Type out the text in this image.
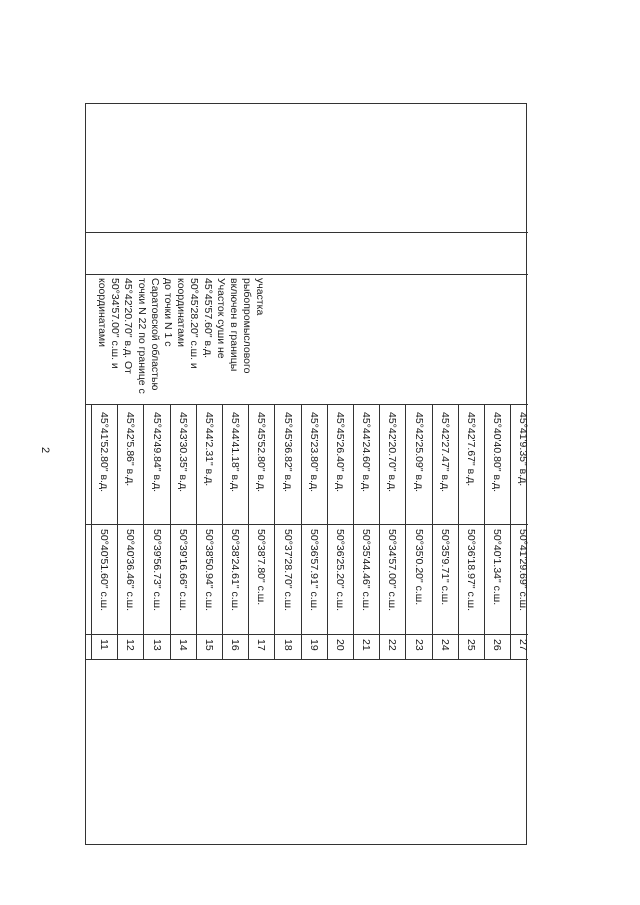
2	45°41'52.80" в.д.
50°40'51.60" с.ш.
11
45°42'5.86" в.д.
50°40'36.46" с.ш.
12
45°42'49.84" в.д.
50°39'56.73" с.ш.
13
45°43'30.35" в.д.
50°39'16.66" с.ш.
14
45°44'2.31" в.д.
50°38'50.94" с.ш.
15
45°44'41.18" в.д.
50°38'24.61" с.ш.
16
45°45'52.80" в.д.
50°38'7.80" с.ш.
17
45°45'36.82" в.д.
50°37'28.70" с.ш.
18
45°45'23.80" в.д.
50°36'57.91" с.ш.
19
45°45'26.40" в.д.
50°36'25.20" с.ш.
20
45°44'24.60" в.д.
50°35'44.46" с.ш.
21
45°42'20.70" в.д.
50°34'57.00" с.ш.
22
45°42'25.09" в.д.
50°35'0.20" с.ш.
23
45°42'27.47" в.д.
50°35'9.71" с.ш.
24
45°42'7.67" в.д.
50°36'18.97" с.ш.
25
45°40'40.80" в.д.
50°40'1.34" с.ш.
26
45°41'9.35" в.д.
50°41'29.69" с.ш.
27
координатами 50°34'57.00" с.ш. и 45°42'20.70" в.д. От точки N 22 по границе с Саратовской областью до точки N 1 с координатами 50°45'28.20" с.ш. и 45°45'57.60" в.д. Участок суши не включен в границы рыбопромыслового участка
